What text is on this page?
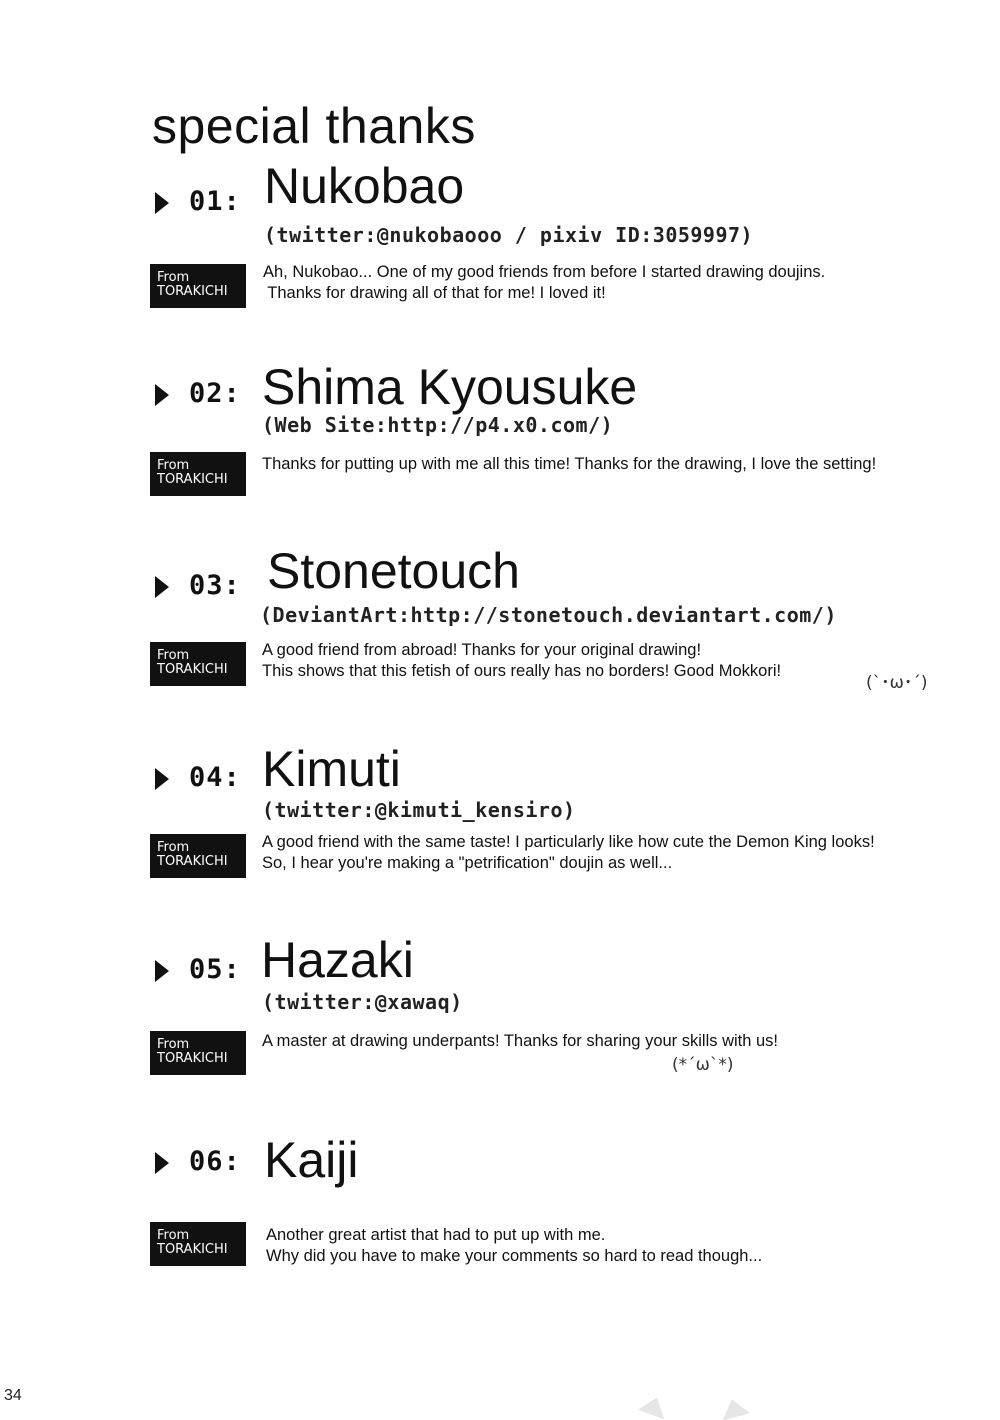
special thanks
01: Nukobao
(twitter:@nukobaooo / pixiv ID:3059997)
From
TORAKICHI
Ah, Nukobao... One of my good friends from before I started drawing doujins.
Thanks for drawing all of that for me! I loved it!
02: Shima Kyousuke
(Web Site:http://p4.x0.com/)
From
TORAKICHI
Thanks for putting up with me all this time! Thanks for the drawing, I love the setting!
03: Stonetouch
(DeviantArt:http://stonetouch.deviantart.com/)
From
TORAKICHI
A good friend from abroad! Thanks for your original drawing!
This shows that this fetish of ours really has no borders! Good Mokkori!
(`･ω･´)
04: Kimuti
(twitter:@kimuti_kensiro)
From
TORAKICHI
A good friend with the same taste! I particularly like how cute the Demon King looks!
So, I hear you're making a "petrification" doujin as well...
05: Hazaki
(twitter:@xawaq)
From
TORAKICHI
A master at drawing underpants! Thanks for sharing your skills with us!
(*´ω`*)
06: Kaiji
From
TORAKICHI
Another great artist that had to put up with me.
Why did you have to make your comments so hard to read though...
34
